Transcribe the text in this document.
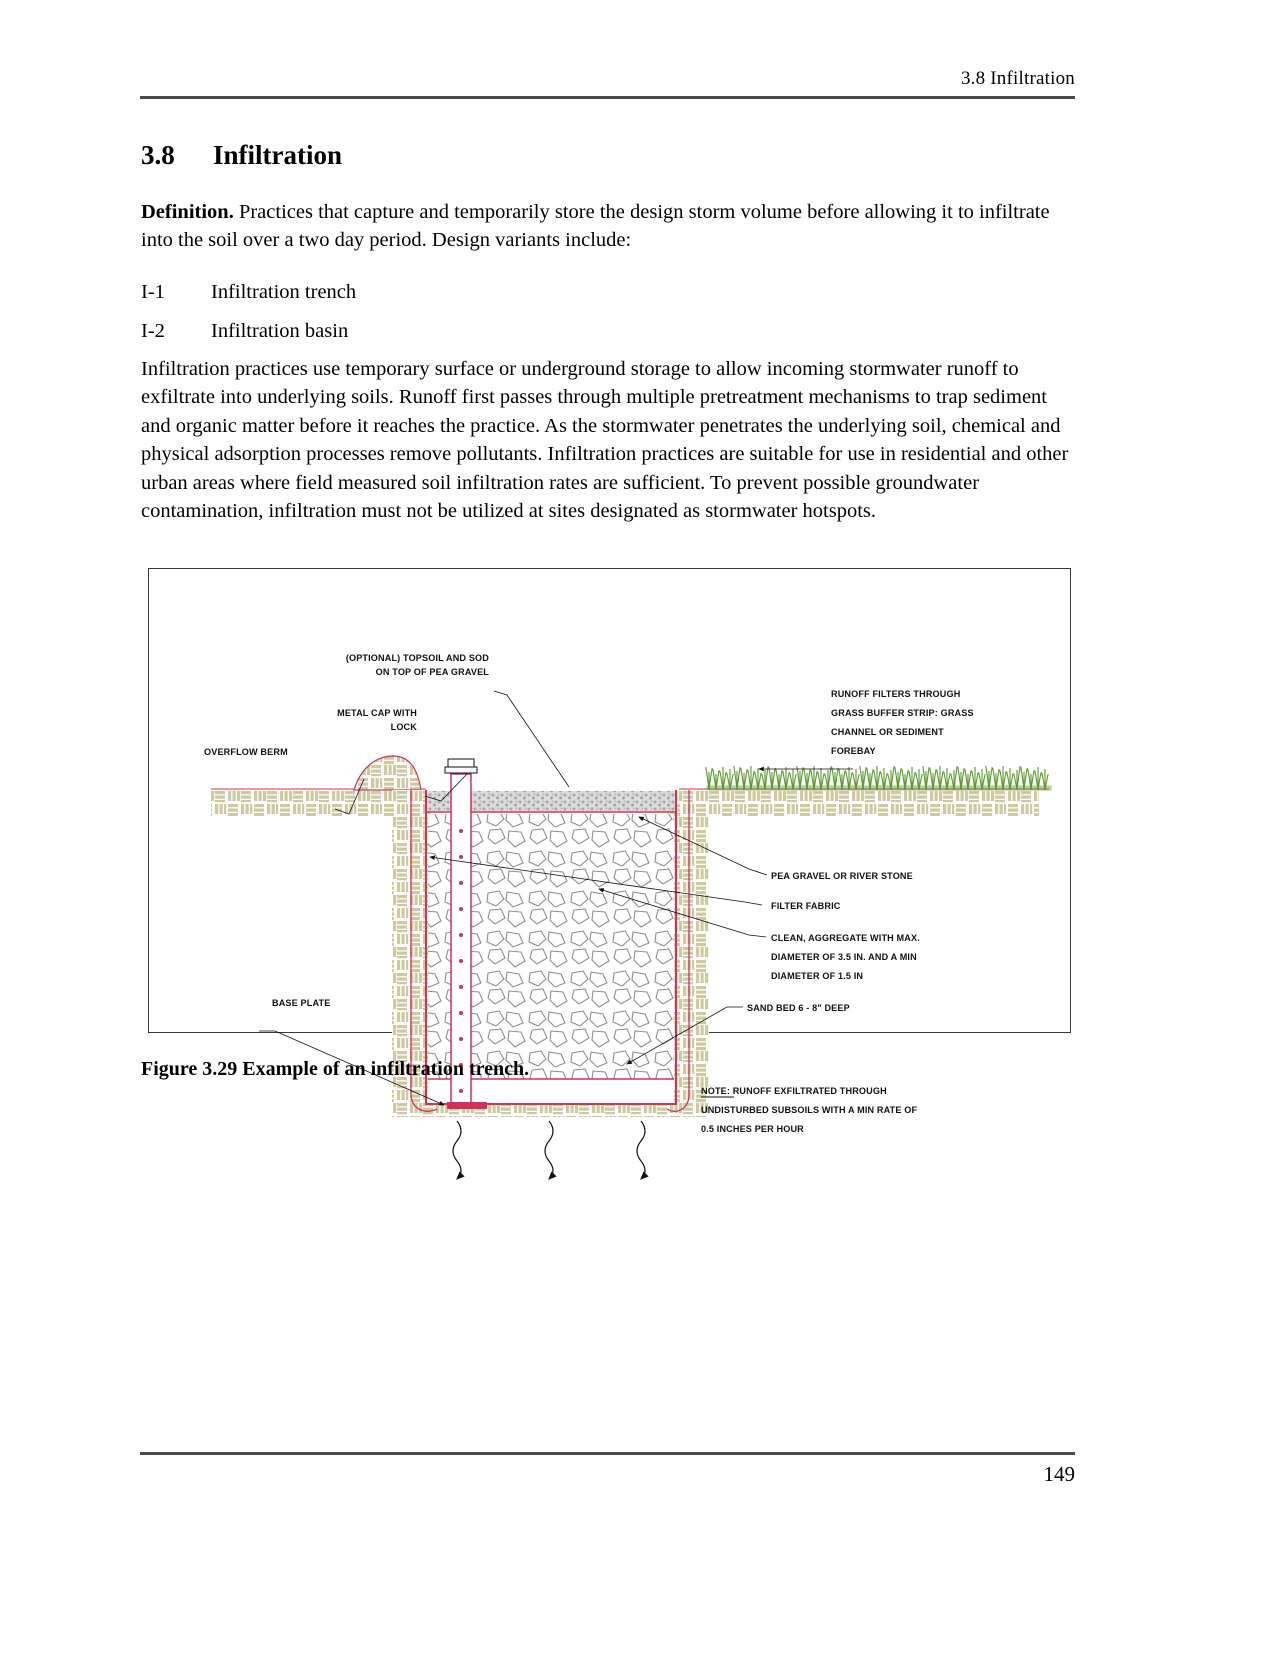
3.8 Infiltration
3.8 Infiltration
Definition. Practices that capture and temporarily store the design storm volume before allowing it to infiltrate into the soil over a two day period. Design variants include:
I-1 Infiltration trench
I-2 Infiltration basin
Infiltration practices use temporary surface or underground storage to allow incoming stormwater runoff to exfiltrate into underlying soils. Runoff first passes through multiple pretreatment mechanisms to trap sediment and organic matter before it reaches the practice. As the stormwater penetrates the underlying soil, chemical and physical adsorption processes remove pollutants. Infiltration practices are suitable for use in residential and other urban areas where field measured soil infiltration rates are sufficient. To prevent possible groundwater contamination, infiltration must not be utilized at sites designated as stormwater hotspots.
(OPTIONAL) TOPSOIL AND SOD
ON TOP OF PEA GRAVEL
METAL CAP WITH
LOCK
OVERFLOW BERM
BASE PLATE
RUNOFF FILTERS THROUGH
GRASS BUFFER STRIP: GRASS
CHANNEL OR SEDIMENT
FOREBAY
PEA GRAVEL OR RIVER STONE
FILTER FABRIC
CLEAN, AGGREGATE WITH MAX.
DIAMETER OF 3.5 IN. AND A MIN
DIAMETER OF 1.5 IN
SAND BED 6 - 8" DEEP
NOTE: RUNOFF EXFILTRATED THROUGH
UNDISTURBED SUBSOILS WITH A MIN RATE OF
0.5 INCHES PER HOUR
Figure 3.29 Example of an infiltration trench.
149
